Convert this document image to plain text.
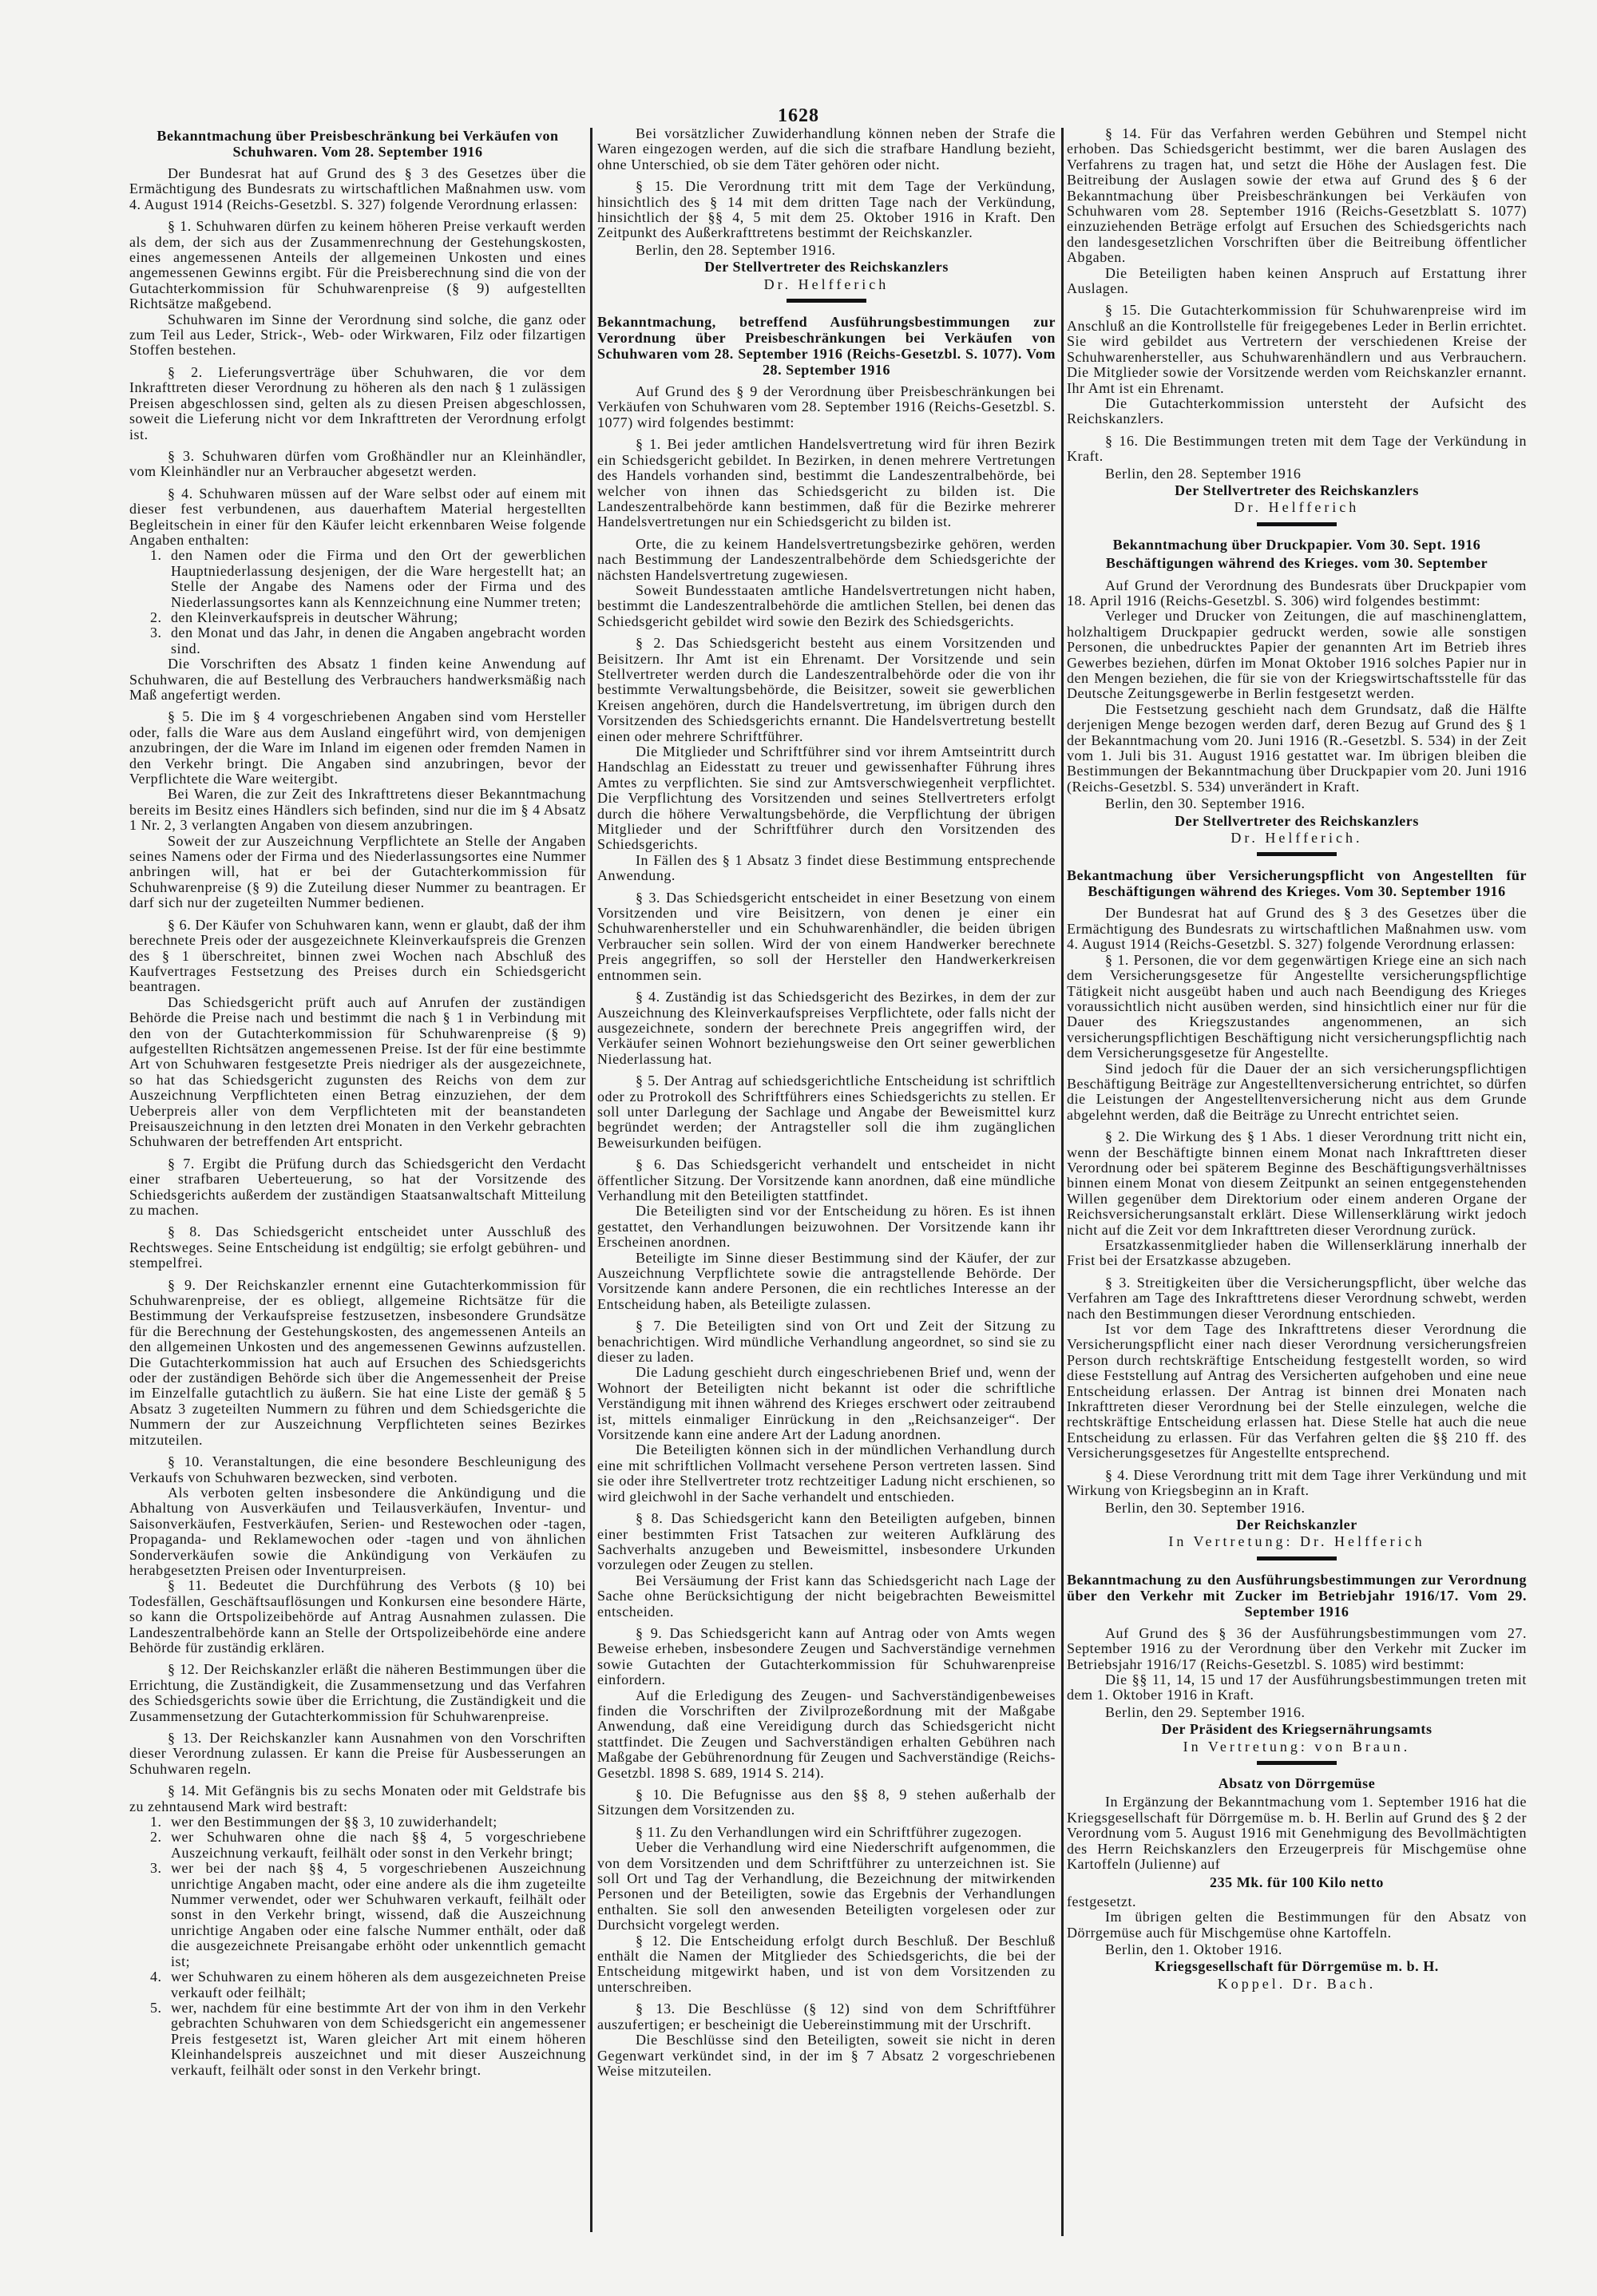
1628
Bekanntmachung über Preisbeschränkung bei Verkäufen von Schuhwaren. Vom 28. September 1916
Der Bundesrat hat auf Grund des § 3 des Gesetzes über die Ermächtigung des Bundesrats zu wirtschaftlichen Maßnahmen usw. vom 4. August 1914 (Reichs-Gesetzbl. S. 327) folgende Verordnung erlassen:
§ 1. Schuhwaren dürfen zu keinem höheren Preise verkauft werden als dem, der sich aus der Zusammenrechnung der Gestehungskosten, eines angemessenen Anteils der allgemeinen Unkosten und eines angemessenen Gewinns ergibt. Für die Preisberechnung sind die von der Gutachterkommission für Schuhwarenpreise (§ 9) aufgestellten Richtsätze maßgebend.
Schuhwaren im Sinne der Verordnung sind solche, die ganz oder zum Teil aus Leder, Strick-, Web- oder Wirkwaren, Filz oder filzartigen Stoffen bestehen.
§ 2. Lieferungsverträge über Schuhwaren, die vor dem Inkrafttreten dieser Verordnung zu höheren als den nach § 1 zulässigen Preisen abgeschlossen sind, gelten als zu diesen Preisen abgeschlossen, soweit die Lieferung nicht vor dem Inkrafttreten der Verordnung erfolgt ist.
§ 3. Schuhwaren dürfen vom Großhändler nur an Kleinhändler, vom Kleinhändler nur an Verbraucher abgesetzt werden.
§ 4. Schuhwaren müssen auf der Ware selbst oder auf einem mit dieser fest verbundenen, aus dauerhaftem Material hergestellten Begleitschein in einer für den Käufer leicht erkennbaren Weise folgende Angaben enthalten:
1. den Namen oder die Firma und den Ort der gewerblichen Hauptniederlassung desjenigen, der die Ware hergestellt hat; an Stelle der Angabe des Namens oder der Firma und des Niederlassungsortes kann als Kennzeichnung eine Nummer treten;
2. den Kleinverkaufspreis in deutscher Währung;
3. den Monat und das Jahr, in denen die Angaben angebracht worden sind.
Die Vorschriften des Absatz 1 finden keine Anwendung auf Schuhwaren, die auf Bestellung des Verbrauchers handwerksmäßig nach Maß angefertigt werden.
§ 5. Die im § 4 vorgeschriebenen Angaben sind vom Hersteller oder, falls die Ware aus dem Ausland eingeführt wird, von demjenigen anzubringen, der die Ware im Inland im eigenen oder fremden Namen in den Verkehr bringt. Die Angaben sind anzubringen, bevor der Verpflichtete die Ware weitergibt.
Bei Waren, die zur Zeit des Inkrafttretens dieser Bekanntmachung bereits im Besitz eines Händlers sich befinden, sind nur die im § 4 Absatz 1 Nr. 2, 3 verlangten Angaben von diesem anzubringen.
Soweit der zur Auszeichnung Verpflichtete an Stelle der Angaben seines Namens oder der Firma und des Niederlassungsortes eine Nummer anbringen will, hat er bei der Gutachterkommission für Schuhwarenpreise (§ 9) die Zuteilung dieser Nummer zu beantragen. Er darf sich nur der zugeteilten Nummer bedienen.
§ 6. Der Käufer von Schuhwaren kann, wenn er glaubt, daß der ihm berechnete Preis oder der ausgezeichnete Kleinverkaufspreis die Grenzen des § 1 überschreitet, binnen zwei Wochen nach Abschluß des Kaufvertrages Festsetzung des Preises durch ein Schiedsgericht beantragen.
Das Schiedsgericht prüft auch auf Anrufen der zuständigen Behörde die Preise nach und bestimmt die nach § 1 in Verbindung mit den von der Gutachterkommission für Schuhwarenpreise (§ 9) aufgestellten Richtsätzen angemessenen Preise. Ist der für eine bestimmte Art von Schuhwaren festgesetzte Preis niedriger als der ausgezeichnete, so hat das Schiedsgericht zugunsten des Reichs von dem zur Auszeichnung Verpflichteten einen Betrag einzuziehen, der dem Ueberpreis aller von dem Verpflichteten mit der beanstandeten Preisauszeichnung in den letzten drei Monaten in den Verkehr gebrachten Schuhwaren der betreffenden Art entspricht.
§ 7. Ergibt die Prüfung durch das Schiedsgericht den Verdacht einer strafbaren Ueberteuerung, so hat der Vorsitzende des Schiedsgerichts außerdem der zuständigen Staatsanwaltschaft Mitteilung zu machen.
§ 8. Das Schiedsgericht entscheidet unter Ausschluß des Rechtsweges. Seine Entscheidung ist endgültig; sie erfolgt gebühren- und stempelfrei.
§ 9. Der Reichskanzler ernennt eine Gutachterkommission für Schuhwarenpreise, der es obliegt, allgemeine Richtsätze für die Bestimmung der Verkaufspreise festzusetzen, insbesondere Grundsätze für die Berechnung der Gestehungskosten, des angemessenen Anteils an den allgemeinen Unkosten und des angemessenen Gewinns aufzustellen. Die Gutachterkommission hat auch auf Ersuchen des Schiedsgerichts oder der zuständigen Behörde sich über die Angemessenheit der Preise im Einzelfalle gutachtlich zu äußern. Sie hat eine Liste der gemäß § 5 Absatz 3 zugeteilten Nummern zu führen und dem Schiedsgerichte die Nummern der zur Auszeichnung Verpflichteten seines Bezirkes mitzuteilen.
§ 10. Veranstaltungen, die eine besondere Beschleunigung des Verkaufs von Schuhwaren bezwecken, sind verboten.
Als verboten gelten insbesondere die Ankündigung und die Abhaltung von Ausverkäufen und Teilausverkäufen, Inventur- und Saisonverkäufen, Festverkäufen, Serien- und Restewochen oder -tagen, Propaganda- und Reklamewochen oder -tagen und von ähnlichen Sonderverkäufen sowie die Ankündigung von Verkäufen zu herabgesetzten Preisen oder Inventurpreisen.
§ 11. Bedeutet die Durchführung des Verbots (§ 10) bei Todesfällen, Geschäftsauflösungen und Konkursen eine besondere Härte, so kann die Ortspolizeibehörde auf Antrag Ausnahmen zulassen. Die Landeszentralbehörde kann an Stelle der Ortspolizeibehörde eine andere Behörde für zuständig erklären.
§ 12. Der Reichskanzler erläßt die näheren Bestimmungen über die Errichtung, die Zuständigkeit, die Zusammensetzung und das Verfahren des Schiedsgerichts sowie über die Errichtung, die Zuständigkeit und die Zusammensetzung der Gutachterkommission für Schuhwarenpreise.
§ 13. Der Reichskanzler kann Ausnahmen von den Vorschriften dieser Verordnung zulassen. Er kann die Preise für Ausbesserungen an Schuhwaren regeln.
§ 14. Mit Gefängnis bis zu sechs Monaten oder mit Geldstrafe bis zu zehntausend Mark wird bestraft:
1. wer den Bestimmungen der §§ 3, 10 zuwiderhandelt;
2. wer Schuhwaren ohne die nach §§ 4, 5 vorgeschriebene Auszeichnung verkauft, feilhält oder sonst in den Verkehr bringt;
3. wer bei der nach §§ 4, 5 vorgeschriebenen Auszeichnung unrichtige Angaben macht, oder eine andere als die ihm zugeteilte Nummer verwendet, oder wer Schuhwaren verkauft, feilhält oder sonst in den Verkehr bringt, wissend, daß die Auszeichnung unrichtige Angaben oder eine falsche Nummer enthält, oder daß die ausgezeichnete Preisangabe erhöht oder unkenntlich gemacht ist;
4. wer Schuhwaren zu einem höheren als dem ausgezeichneten Preise verkauft oder feilhält;
5. wer, nachdem für eine bestimmte Art der von ihm in den Verkehr gebrachten Schuhwaren von dem Schiedsgericht ein angemessener Preis festgesetzt ist, Waren gleicher Art mit einem höheren Kleinhandelspreis auszeichnet und mit dieser Auszeichnung verkauft, feilhält oder sonst in den Verkehr bringt.
Bei vorsätzlicher Zuwiderhandlung können neben der Strafe die Waren eingezogen werden, auf die sich die strafbare Handlung bezieht, ohne Unterschied, ob sie dem Täter gehören oder nicht.
§ 15. Die Verordnung tritt mit dem Tage der Verkündung, hinsichtlich des § 14 mit dem dritten Tage nach der Verkündung, hinsichtlich der §§ 4, 5 mit dem 25. Oktober 1916 in Kraft. Den Zeitpunkt des Außerkrafttretens bestimmt der Reichskanzler.
Berlin, den 28. September 1916.
Der Stellvertreter des Reichskanzlers
Dr. Helfferich
Bekanntmachung, betreffend Ausführungsbestimmungen zur Verordnung über Preisbeschränkungen bei Verkäufen von Schuhwaren vom 28. September 1916 (Reichs-Gesetzbl. S. 1077). Vom 28. September 1916
Auf Grund des § 9 der Verordnung über Preisbeschränkungen bei Verkäufen von Schuhwaren vom 28. September 1916 (Reichs-Gesetzbl. S. 1077) wird folgendes bestimmt:
§ 1. Bei jeder amtlichen Handelsvertretung wird für ihren Bezirk ein Schiedsgericht gebildet. In Bezirken, in denen mehrere Vertretungen des Handels vorhanden sind, bestimmt die Landeszentralbehörde, bei welcher von ihnen das Schiedsgericht zu bilden ist. Die Landeszentralbehörde kann bestimmen, daß für die Bezirke mehrerer Handelsvertretungen nur ein Schiedsgericht zu bilden ist.
Orte, die zu keinem Handelsvertretungsbezirke gehören, werden nach Bestimmung der Landeszentralbehörde dem Schiedsgerichte der nächsten Handelsvertretung zugewiesen.
Soweit Bundesstaaten amtliche Handelsvertretungen nicht haben, bestimmt die Landeszentralbehörde die amtlichen Stellen, bei denen das Schiedsgericht gebildet wird sowie den Bezirk des Schiedsgerichts.
§ 2. Das Schiedsgericht besteht aus einem Vorsitzenden und Beisitzern. Ihr Amt ist ein Ehrenamt. Der Vorsitzende und sein Stellvertreter werden durch die Landeszentralbehörde oder die von ihr bestimmte Verwaltungsbehörde, die Beisitzer, soweit sie gewerblichen Kreisen angehören, durch die Handelsvertretung, im übrigen durch den Vorsitzenden des Schiedsgerichts ernannt. Die Handelsvertretung bestellt einen oder mehrere Schriftführer.
Die Mitglieder und Schriftführer sind vor ihrem Amtseintritt durch Handschlag an Eidesstatt zu treuer und gewissenhafter Führung ihres Amtes zu verpflichten. Sie sind zur Amtsverschwiegenheit verpflichtet. Die Verpflichtung des Vorsitzenden und seines Stellvertreters erfolgt durch die höhere Verwaltungsbehörde, die Verpflichtung der übrigen Mitglieder und der Schriftführer durch den Vorsitzenden des Schiedsgerichts.
In Fällen des § 1 Absatz 3 findet diese Bestimmung entsprechende Anwendung.
§ 3. Das Schiedsgericht entscheidet in einer Besetzung von einem Vorsitzenden und vire Beisitzern, von denen je einer ein Schuhwarenhersteller und ein Schuhwarenhändler, die beiden übrigen Verbraucher sein sollen. Wird der von einem Handwerker berechnete Preis angegriffen, so soll der Hersteller den Handwerkerkreisen entnommen sein.
§ 4. Zuständig ist das Schiedsgericht des Bezirkes, in dem der zur Auszeichnung des Kleinverkaufspreises Verpflichtete, oder falls nicht der ausgezeichnete, sondern der berechnete Preis angegriffen wird, der Verkäufer seinen Wohnort beziehungsweise den Ort seiner gewerblichen Niederlassung hat.
§ 5. Der Antrag auf schiedsgerichtliche Entscheidung ist schriftlich oder zu Protrokoll des Schriftführers eines Schiedsgerichts zu stellen. Er soll unter Darlegung der Sachlage und Angabe der Beweismittel kurz begründet werden; der Antragsteller soll die ihm zugänglichen Beweisurkunden beifügen.
§ 6. Das Schiedsgericht verhandelt und entscheidet in nicht öffentlicher Sitzung. Der Vorsitzende kann anordnen, daß eine mündliche Verhandlung mit den Beteiligten stattfindet.
Die Beteiligten sind vor der Entscheidung zu hören. Es ist ihnen gestattet, den Verhandlungen beizuwohnen. Der Vorsitzende kann ihr Erscheinen anordnen.
Beteiligte im Sinne dieser Bestimmung sind der Käufer, der zur Auszeichnung Verpflichtete sowie die antragstellende Behörde. Der Vorsitzende kann andere Personen, die ein rechtliches Interesse an der Entscheidung haben, als Beteiligte zulassen.
§ 7. Die Beteiligten sind von Ort und Zeit der Sitzung zu benachrichtigen. Wird mündliche Verhandlung angeordnet, so sind sie zu dieser zu laden.
Die Ladung geschieht durch eingeschriebenen Brief und, wenn der Wohnort der Beteiligten nicht bekannt ist oder die schriftliche Verständigung mit ihnen während des Krieges erschwert oder zeitraubend ist, mittels einmaliger Einrückung in den „Reichsanzeiger“. Der Vorsitzende kann eine andere Art der Ladung anordnen.
Die Beteiligten können sich in der mündlichen Verhandlung durch eine mit schriftlichen Vollmacht versehene Person vertreten lassen. Sind sie oder ihre Stellvertreter trotz rechtzeitiger Ladung nicht erschienen, so wird gleichwohl in der Sache verhandelt und entschieden.
§ 8. Das Schiedsgericht kann den Beteiligten aufgeben, binnen einer bestimmten Frist Tatsachen zur weiteren Aufklärung des Sachverhalts anzugeben und Beweismittel, insbesondere Urkunden vorzulegen oder Zeugen zu stellen.
Bei Versäumung der Frist kann das Schiedsgericht nach Lage der Sache ohne Berücksichtigung der nicht beigebrachten Beweismittel entscheiden.
§ 9. Das Schiedsgericht kann auf Antrag oder von Amts wegen Beweise erheben, insbesondere Zeugen und Sachverständige vernehmen sowie Gutachten der Gutachterkommission für Schuhwarenpreise einfordern.
Auf die Erledigung des Zeugen- und Sachverständigenbeweises finden die Vorschriften der Zivilprozeßordnung mit der Maßgabe Anwendung, daß eine Vereidigung durch das Schiedsgericht nicht stattfindet. Die Zeugen und Sachverständigen erhalten Gebühren nach Maßgabe der Gebührenordnung für Zeugen und Sachverständige (Reichs-Gesetzbl. 1898 S. 689, 1914 S. 214).
§ 10. Die Befugnisse aus den §§ 8, 9 stehen außerhalb der Sitzungen dem Vorsitzenden zu.
§ 11. Zu den Verhandlungen wird ein Schriftführer zugezogen.
Ueber die Verhandlung wird eine Niederschrift aufgenommen, die von dem Vorsitzenden und dem Schriftführer zu unterzeichnen ist. Sie soll Ort und Tag der Verhandlung, die Bezeichnung der mitwirkenden Personen und der Beteiligten, sowie das Ergebnis der Verhandlungen enthalten. Sie soll den anwesenden Beteiligten vorgelesen oder zur Durchsicht vorgelegt werden.
§ 12. Die Entscheidung erfolgt durch Beschluß. Der Beschluß enthält die Namen der Mitglieder des Schiedsgerichts, die bei der Entscheidung mitgewirkt haben, und ist von dem Vorsitzenden zu unterschreiben.
§ 13. Die Beschlüsse (§ 12) sind von dem Schriftführer auszufertigen; er bescheinigt die Uebereinstimmung mit der Urschrift.
Die Beschlüsse sind den Beteiligten, soweit sie nicht in deren Gegenwart verkündet sind, in der im § 7 Absatz 2 vorgeschriebenen Weise mitzuteilen.
§ 14. Für das Verfahren werden Gebühren und Stempel nicht erhoben. Das Schiedsgericht bestimmt, wer die baren Auslagen des Verfahrens zu tragen hat, und setzt die Höhe der Auslagen fest. Die Beitreibung der Auslagen sowie der etwa auf Grund des § 6 der Bekanntmachung über Preisbeschränkungen bei Verkäufen von Schuhwaren vom 28. September 1916 (Reichs-Gesetzblatt S. 1077) einzuziehenden Beträge erfolgt auf Ersuchen des Schiedsgerichts nach den landesgesetzlichen Vorschriften über die Beitreibung öffentlicher Abgaben.
Die Beteiligten haben keinen Anspruch auf Erstattung ihrer Auslagen.
§ 15. Die Gutachterkommission für Schuhwarenpreise wird im Anschluß an die Kontrollstelle für freigegebenes Leder in Berlin errichtet. Sie wird gebildet aus Vertretern der verschiedenen Kreise der Schuhwarenhersteller, aus Schuhwarenhändlern und aus Verbrauchern. Die Mitglieder sowie der Vorsitzende werden vom Reichskanzler ernannt. Ihr Amt ist ein Ehrenamt.
Die Gutachterkommission untersteht der Aufsicht des Reichskanzlers.
§ 16. Die Bestimmungen treten mit dem Tage der Verkündung in Kraft.
Berlin, den 28. September 1916
Der Stellvertreter des Reichskanzlers
Dr. Helfferich
Bekanntmachung über Druckpapier. Vom 30. Sept. 1916
Beschäftigungen während des Krieges. vom 30. September
Auf Grund der Verordnung des Bundesrats über Druckpapier vom 18. April 1916 (Reichs-Gesetzbl. S. 306) wird folgendes bestimmt:
Verleger und Drucker von Zeitungen, die auf maschinenglattem, holzhaltigem Druckpapier gedruckt werden, sowie alle sonstigen Personen, die unbedrucktes Papier der genannten Art im Betrieb ihres Gewerbes beziehen, dürfen im Monat Oktober 1916 solches Papier nur in den Mengen beziehen, die für sie von der Kriegswirtschaftsstelle für das Deutsche Zeitungsgewerbe in Berlin festgesetzt werden.
Die Festsetzung geschieht nach dem Grundsatz, daß die Hälfte derjenigen Menge bezogen werden darf, deren Bezug auf Grund des § 1 der Bekanntmachung vom 20. Juni 1916 (R.-Gesetzbl. S. 534) in der Zeit vom 1. Juli bis 31. August 1916 gestattet war. Im übrigen bleiben die Bestimmungen der Bekanntmachung über Druckpapier vom 20. Juni 1916 (Reichs-Gesetzbl. S. 534) unverändert in Kraft.
Berlin, den 30. September 1916.
Der Stellvertreter des Reichskanzlers
Dr. Helfferich.
Bekantmachung über Versicherungspflicht von Angestellten für Beschäftigungen während des Krieges. Vom 30. September 1916
Der Bundesrat hat auf Grund des § 3 des Gesetzes über die Ermächtigung des Bundesrats zu wirtschaftlichen Maßnahmen usw. vom 4. August 1914 (Reichs-Gesetzbl. S. 327) folgende Verordnung erlassen:
§ 1. Personen, die vor dem gegenwärtigen Kriege eine an sich nach dem Versicherungsgesetze für Angestellte versicherungspflichtige Tätigkeit nicht ausgeübt haben und auch nach Beendigung des Krieges voraussichtlich nicht ausüben werden, sind hinsichtlich einer nur für die Dauer des Kriegszustandes angenommenen, an sich versicherungspflichtigen Beschäftigung nicht versicherungspflichtig nach dem Versicherungsgesetze für Angestellte.
Sind jedoch für die Dauer der an sich versicherungspflichtigen Beschäftigung Beiträge zur Angestelltenversicherung entrichtet, so dürfen die Leistungen der Angestelltenversicherung nicht aus dem Grunde abgelehnt werden, daß die Beiträge zu Unrecht entrichtet seien.
§ 2. Die Wirkung des § 1 Abs. 1 dieser Verordnung tritt nicht ein, wenn der Beschäftigte binnen einem Monat nach Inkrafttreten dieser Verordnung oder bei späterem Beginne des Beschäftigungsverhältnisses binnen einem Monat von diesem Zeitpunkt an seinen entgegenstehenden Willen gegenüber dem Direktorium oder einem anderen Organe der Reichsversicherungsanstalt erklärt. Diese Willenserklärung wirkt jedoch nicht auf die Zeit vor dem Inkrafttreten dieser Verordnung zurück.
Ersatzkassenmitglieder haben die Willenserklärung innerhalb der Frist bei der Ersatzkasse abzugeben.
§ 3. Streitigkeiten über die Versicherungspflicht, über welche das Verfahren am Tage des Inkrafttretens dieser Verordnung schwebt, werden nach den Bestimmungen dieser Verordnung entschieden.
Ist vor dem Tage des Inkrafttretens dieser Verordnung die Versicherungspflicht einer nach dieser Verordnung versicherungsfreien Person durch rechtskräftige Entscheidung festgestellt worden, so wird diese Feststellung auf Antrag des Versicherten aufgehoben und eine neue Entscheidung erlassen. Der Antrag ist binnen drei Monaten nach Inkrafttreten dieser Verordnung bei der Stelle einzulegen, welche die rechtskräftige Entscheidung erlassen hat. Diese Stelle hat auch die neue Entscheidung zu erlassen. Für das Verfahren gelten die §§ 210 ff. des Versicherungsgesetzes für Angestellte entsprechend.
§ 4. Diese Verordnung tritt mit dem Tage ihrer Verkündung und mit Wirkung von Kriegsbeginn an in Kraft.
Berlin, den 30. September 1916.
Der Reichskanzler
In Vertretung: Dr. Helfferich
Bekanntmachung zu den Ausführungsbestimmungen zur Verordnung über den Verkehr mit Zucker im Betriebjahr 1916/17. Vom 29. September 1916
Auf Grund des § 36 der Ausführungsbestimmungen vom 27. September 1916 zu der Verordnung über den Verkehr mit Zucker im Betriebsjahr 1916/17 (Reichs-Gesetzbl. S. 1085) wird bestimmt:
Die §§ 11, 14, 15 und 17 der Ausführungsbestimmungen treten mit dem 1. Oktober 1916 in Kraft.
Berlin, den 29. September 1916.
Der Präsident des Kriegsernährungsamts
In Vertretung: von Braun.
Absatz von Dörrgemüse
In Ergänzung der Bekanntmachung vom 1. September 1916 hat die Kriegsgesellschaft für Dörrgemüse m. b. H. Berlin auf Grund des § 2 der Verordnung vom 5. August 1916 mit Genehmigung des Bevollmächtigten des Herrn Reichskanzlers den Erzeugerpreis für Mischgemüse ohne Kartoffeln (Julienne) auf
235 Mk. für 100 Kilo netto
festgesetzt.
Im übrigen gelten die Bestimmungen für den Absatz von Dörrgemüse auch für Mischgemüse ohne Kartoffeln.
Berlin, den 1. Oktober 1916.
Kriegsgesellschaft für Dörrgemüse m. b. H.
Koppel. Dr. Bach.
